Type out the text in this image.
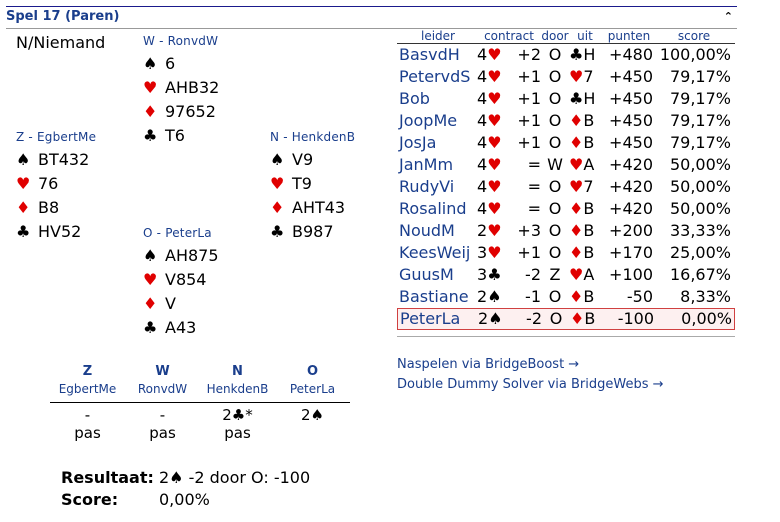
Spel 17 (Paren)	⌃
N/Niemand	W - RonvdW
♠ 6
♥ AHB32
♦ 97652
♣ T6
Z - EgbertMe
♠ BT432
♥ 76
♦ B8
♣ HV52
N - HenkdenB
♠ V9
♥ T9
♦ AHT43
♣ B987
O - PeterLa
♠ AH875
♥ V854
♦ V
♣ A43
Z	W	N	O
EgbertMe	RonvdW	HenkdenB	PeterLa
-	-	2♣*	2♠
pas	pas	pas
Resultaat: 2♠ -2 door O: -100
Score:	0,00%
leider	contract door uit	punten	score
BasvdH	4♥ +2 O ♣H +480 100,00%
PetervdS 4♥ +1 O ♥7 +450	79,17%
Bob	4♥ +1 O ♣H +450	79,17%
JoopMe	4♥ +1 O ♦B +450	79,17%
JosJa	4♥ +1 O ♦B +450	79,17%
JanMm	4♥	= W ♥A +420	50,00%
RudyVi	4♥	= O ♥7 +420	50,00%
Rosalind 4♥	= O ♦B +420	50,00%
NoudM	2♥ +3 O ♦B +200	33,33%
KeesWeij 3♥ +1 O ♦B +170	25,00%
GuusM	3♣	-2 Z ♥A +100	16,67%
Bastiane 2♠	-1 O ♦B	-50	8,33%
PeterLa	2♠	-2 O ♦B	-100	0,00%
Naspelen via BridgeBoost →
Double Dummy Solver via BridgeWebs →
